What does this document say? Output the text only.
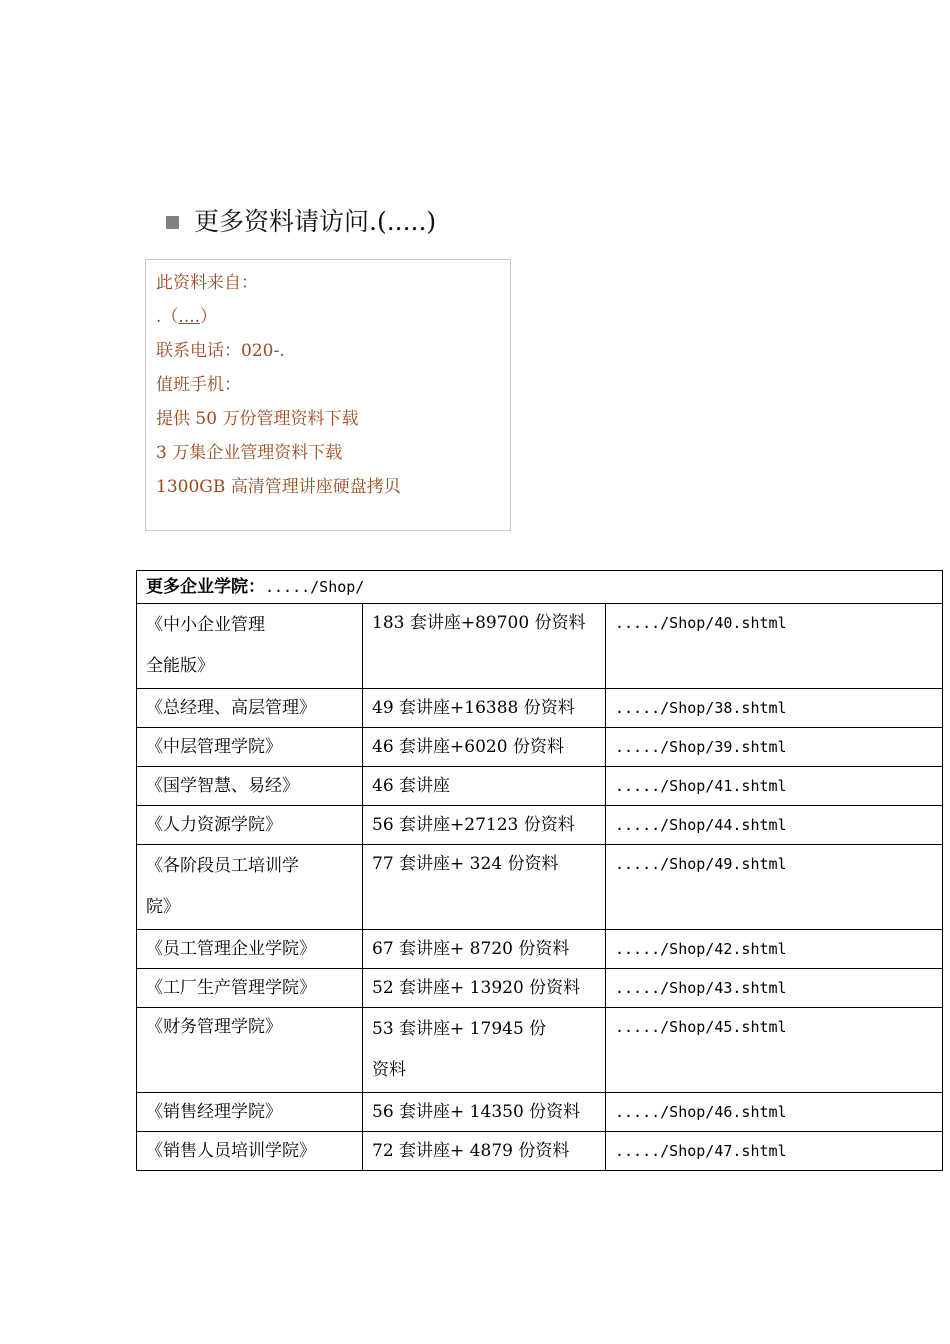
更多资料请访问.(.....)
此资料来自：
.（....）
联系电话：020-.
值班手机：
提供 50 万份管理资料下载
3 万集企业管理资料下载
1300GB 高清管理讲座硬盘拷贝
更多企业学院：...../Shop/		
《中小企业管理
全能版》	183 套讲座+89700 份资料	...../Shop/40.shtml
《总经理、高层管理》	49 套讲座+16388 份资料	...../Shop/38.shtml
《中层管理学院》	46 套讲座+6020 份资料	...../Shop/39.shtml
《国学智慧、易经》	46 套讲座	...../Shop/41.shtml
《人力资源学院》	56 套讲座+27123 份资料	...../Shop/44.shtml
《各阶段员工培训学
院》	77 套讲座+ 324 份资料	...../Shop/49.shtml
《员工管理企业学院》	67 套讲座+ 8720 份资料	...../Shop/42.shtml
《工厂生产管理学院》	52 套讲座+ 13920 份资料	...../Shop/43.shtml
《财务管理学院》	53 套讲座+ 17945 份
资料	...../Shop/45.shtml
《销售经理学院》	56 套讲座+ 14350 份资料	...../Shop/46.shtml
《销售人员培训学院》	72 套讲座+ 4879 份资料	...../Shop/47.shtml
